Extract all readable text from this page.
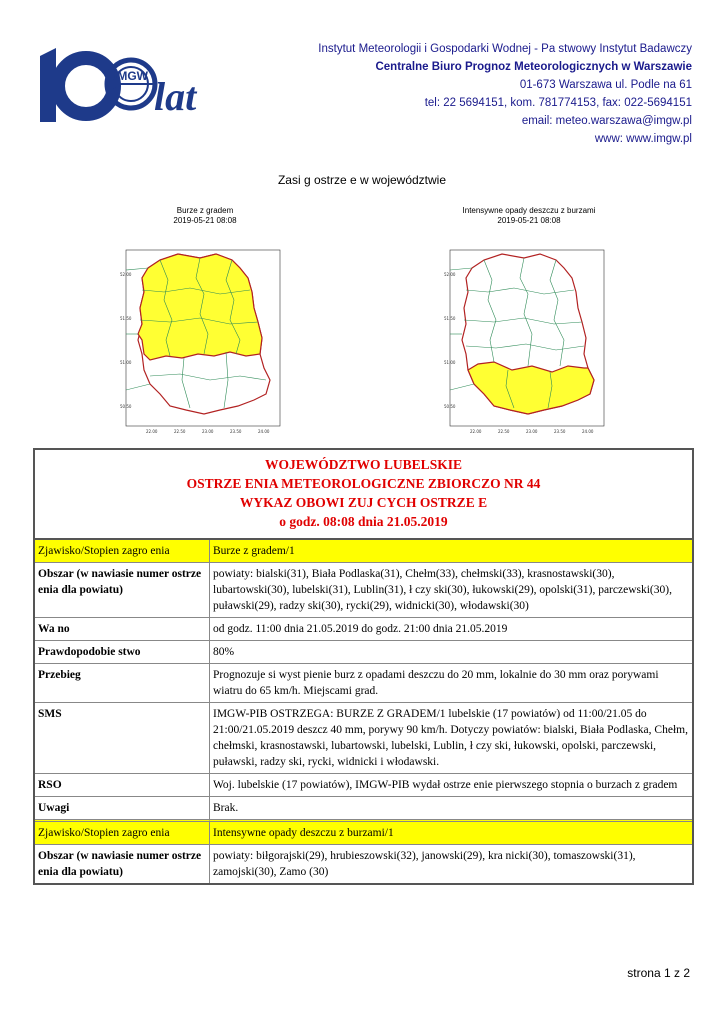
IMGW lat
Instytut Meteorologii i Gospodarki Wodnej - Pa stwowy Instytut Badawczy
Centralne Biuro Prognoz Meteorologicznych w Warszawie
01-673 Warszawa ul. Podle na 61
tel: 22 5694151, kom. 781774153, fax: 022-5694151
email: meteo.warszawa@imgw.pl
www: www.imgw.pl
Zasi g ostrze e w województwie
Burze z gradem
2019-05-21 08:08
52.00
51.50
51.00
50.50
22.00	22.50	23.00	23.50	24.00
Intensywne opady deszczu z burzami
2019-05-21 08:08
52.00
51.50
51.00
50.50
22.00	22.50	23.00	23.50	24.00
WOJEWÓDZTWO LUBELSKIE
OSTRZE ENIA METEOROLOGICZNE ZBIORCZO NR 44
WYKAZ OBOWI ZUJ CYCH OSTRZE E
o godz. 08:08 dnia 21.05.2019
Zjawisko/Stopien zagro enia	Burze z gradem/1
Obszar (w nawiasie numer ostrze enia dla powiatu)	powiaty: bialski(31), Biała Podlaska(31), Chełm(33), chełmski(33), krasnostawski(30), lubartowski(30), lubelski(31), Lublin(31), ł czy ski(30), łukowski(29), opolski(31), parczewski(30), puławski(29), radzy ski(30), rycki(29), widnicki(30), włodawski(30)
Wa no	od godz. 11:00 dnia 21.05.2019 do godz. 21:00 dnia 21.05.2019
Prawdopodobie stwo	80%
Przebieg	Prognozuje si wyst pienie burz z opadami deszczu do 20 mm, lokalnie do 30 mm oraz porywami wiatru do 65 km/h. Miejscami grad.
SMS	IMGW-PIB OSTRZEGA: BURZE Z GRADEM/1 lubelskie (17 powiatów) od 11:00/21.05 do 21:00/21.05.2019 deszcz 40 mm, porywy 90 km/h. Dotyczy powiatów: bialski, Biała Podlaska, Chełm, chełmski, krasnostawski, lubartowski, lubelski, Lublin, ł czy ski, łukowski, opolski, parczewski, puławski, radzy ski, rycki, widnicki i włodawski.
RSO	Woj. lubelskie (17 powiatów), IMGW-PIB wydał ostrze enie pierwszego stopnia o burzach z gradem
Uwagi	Brak.
Zjawisko/Stopien zagro enia	Intensywne opady deszczu z burzami/1
Obszar (w nawiasie numer ostrze enia dla powiatu)	powiaty: biłgorajski(29), hrubieszowski(32), janowski(29), kra nicki(30), tomaszowski(31), zamojski(30), Zamo (30)
strona 1 z 2
